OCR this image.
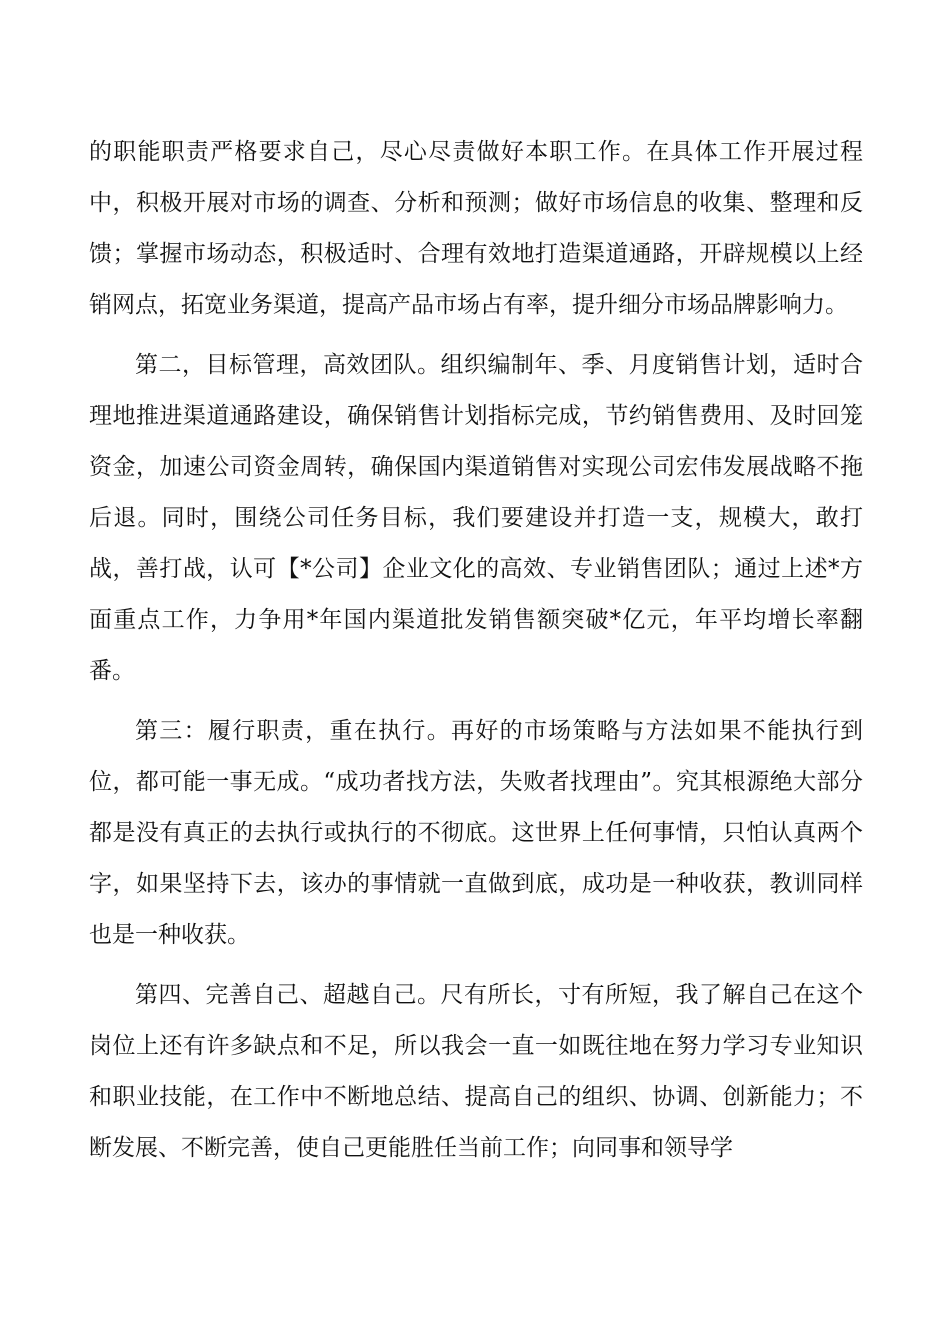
的职能职责严格要求自己，尽心尽责做好本职工作。在具体工作开展过程中，积极开展对市场的调查、分析和预测；做好市场信息的收集、整理和反馈；掌握市场动态，积极适时、合理有效地打造渠道通路，开辟规模以上经销网点，拓宽业务渠道，提高产品市场占有率，提升细分市场品牌影响力。

第二，目标管理，高效团队。组织编制年、季、月度销售计划，适时合理地推进渠道通路建设，确保销售计划指标完成，节约销售费用、及时回笼资金，加速公司资金周转，确保国内渠道销售对实现公司宏伟发展战略不拖后退。同时，围绕公司任务目标，我们要建设并打造一支，规模大，敢打战，善打战，认可【*公司】企业文化的高效、专业销售团队；通过上述*方面重点工作，力争用*年国内渠道批发销售额突破*亿元，年平均增长率翻番。

第三：履行职责，重在执行。再好的市场策略与方法如果不能执行到位，都可能一事无成。“成功者找方法，失败者找理由”。究其根源绝大部分都是没有真正的去执行或执行的不彻底。这世界上任何事情，只怕认真两个字，如果坚持下去，该办的事情就一直做到底，成功是一种收获，教训同样也是一种收获。

第四、完善自己、超越自己。尺有所长，寸有所短，我了解自己在这个岗位上还有许多缺点和不足，所以我会一直一如既往地在努力学习专业知识和职业技能，在工作中不断地总结、提高自己的组织、协调、创新能力；不断发展、不断完善，使自己更能胜任当前工作；向同事和领导学
